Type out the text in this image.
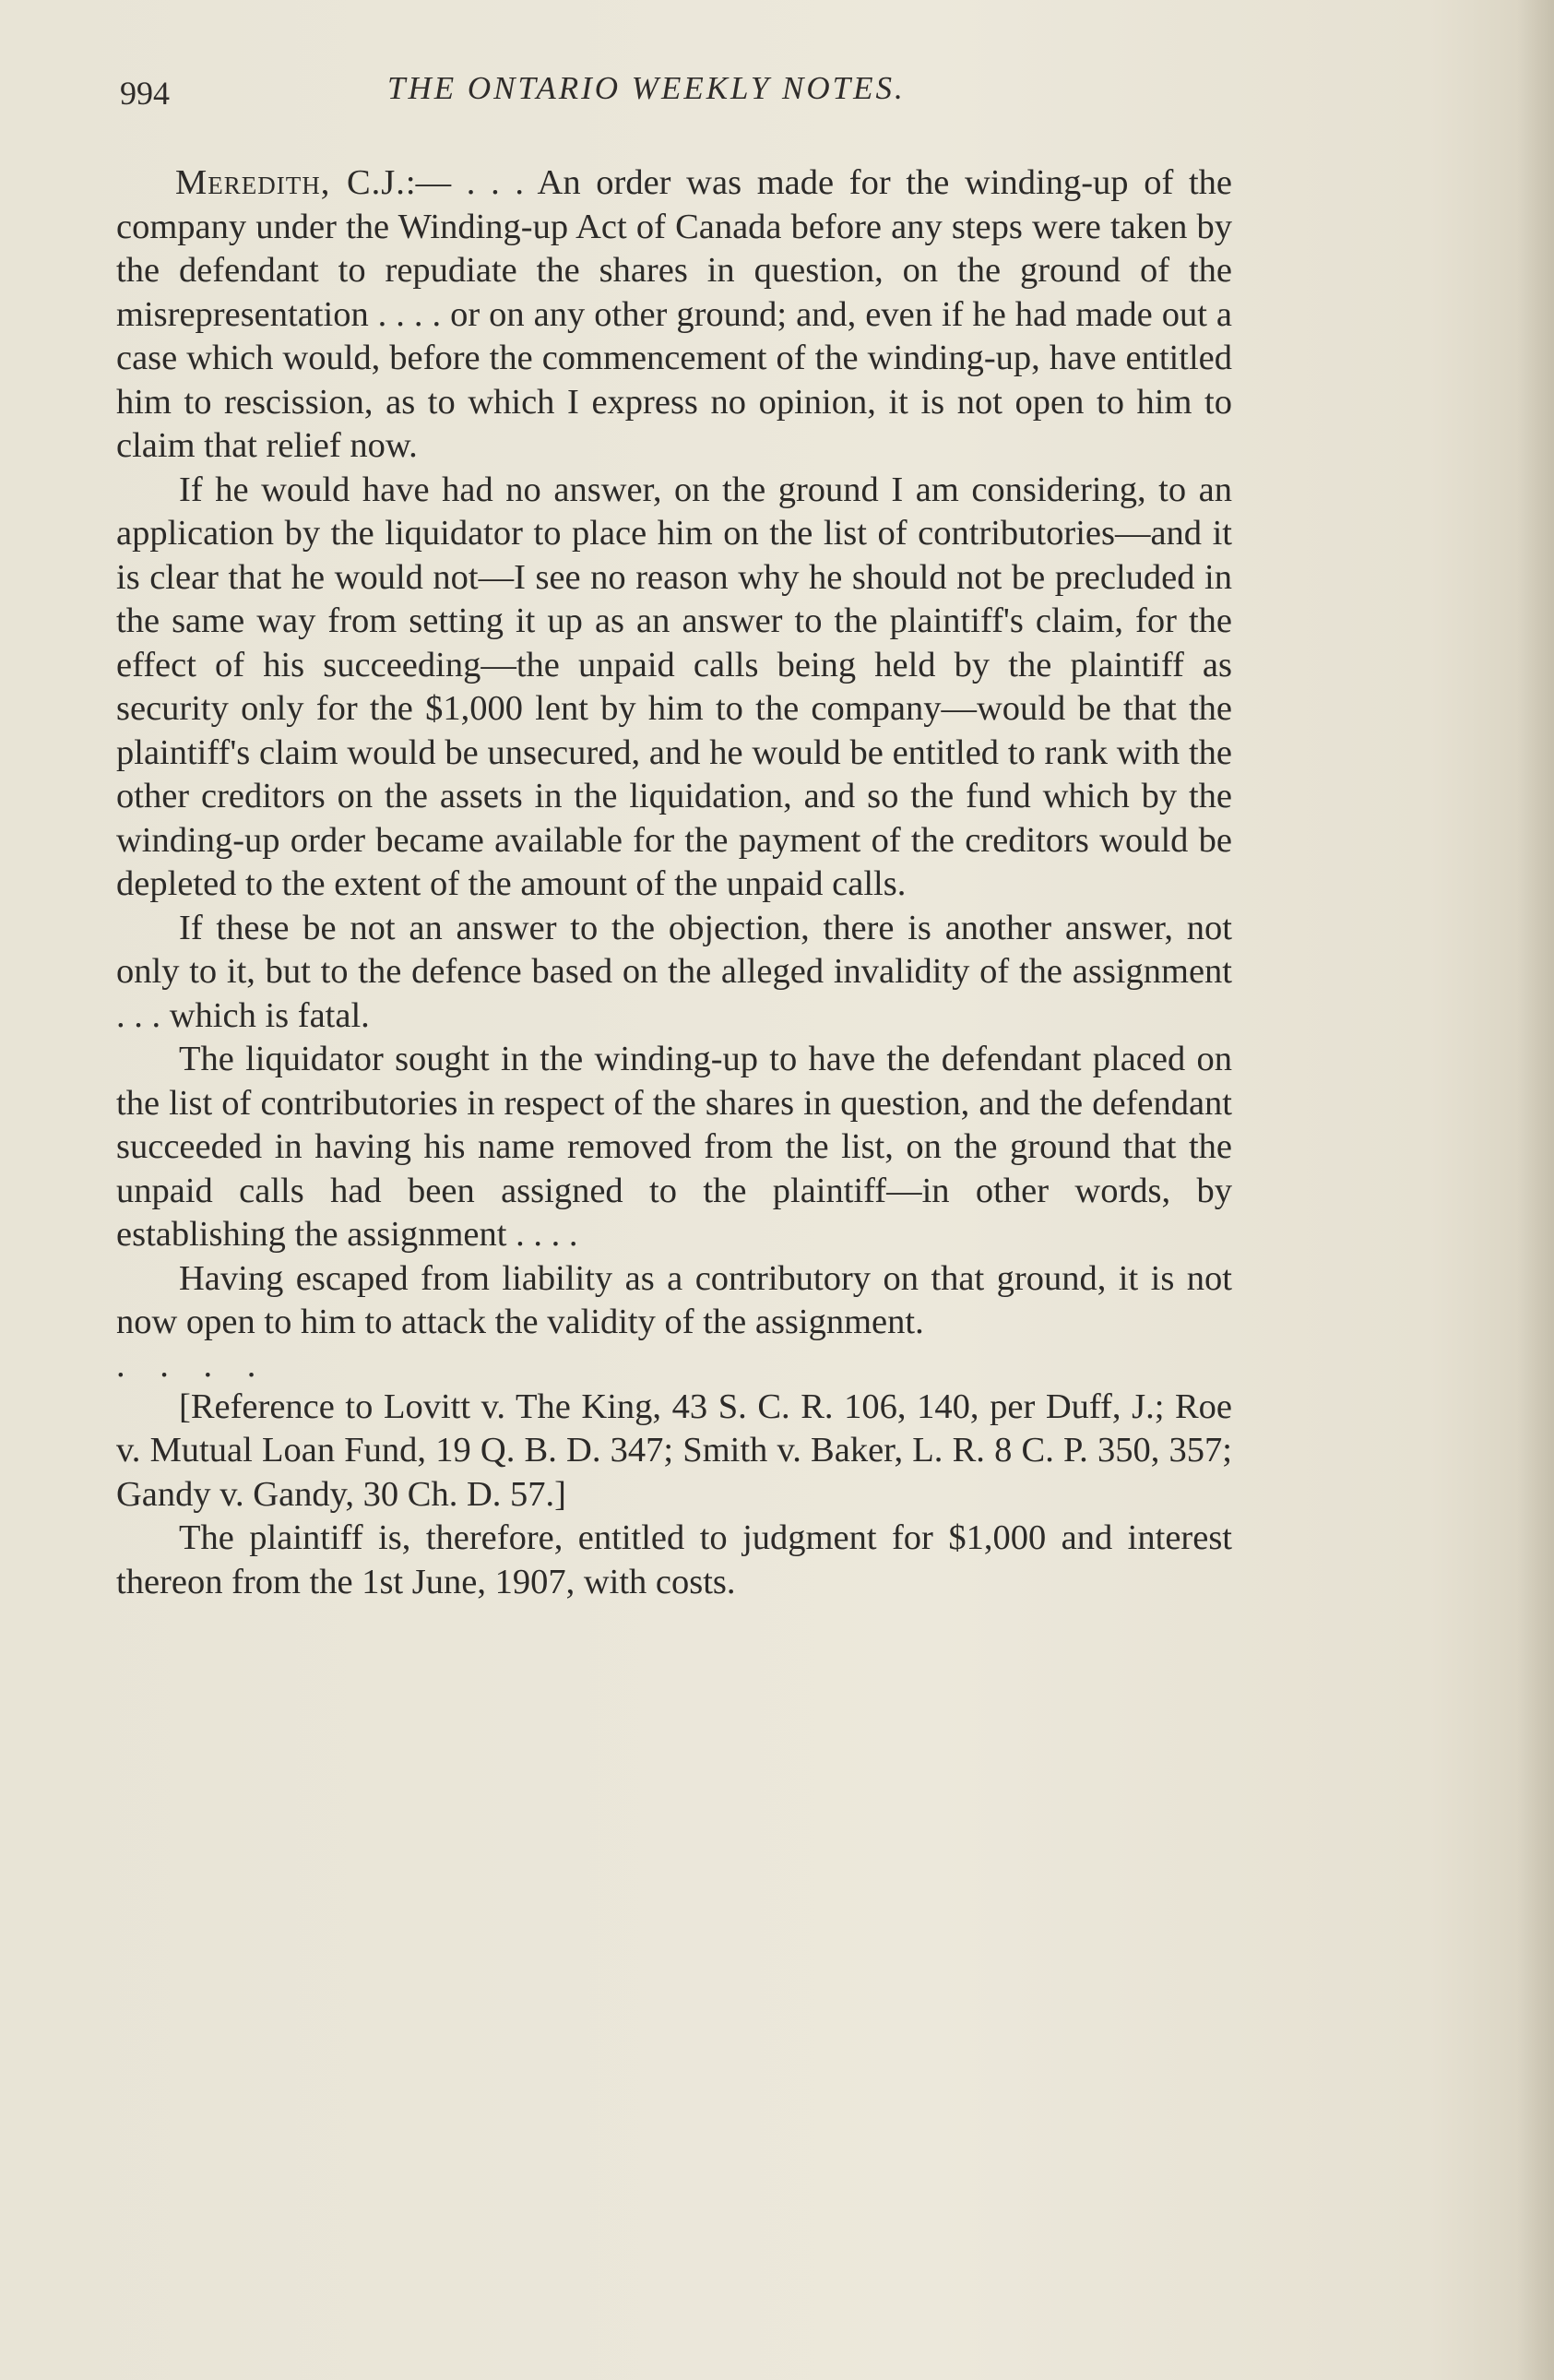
994	THE ONTARIO WEEKLY NOTES.

Meredith, C.J.:— . . . An order was made for the winding-up of the company under the Winding-up Act of Canada before any steps were taken by the defendant to repudiate the shares in question, on the ground of the misrepresentation . . . . or on any other ground; and, even if he had made out a case which would, before the commencement of the winding-up, have entitled him to rescission, as to which I express no opinion, it is not open to him to claim that relief now.

If he would have had no answer, on the ground I am considering, to an application by the liquidator to place him on the list of contributories—and it is clear that he would not—I see no reason why he should not be precluded in the same way from setting it up as an answer to the plaintiff's claim, for the effect of his succeeding—the unpaid calls being held by the plaintiff as security only for the $1,000 lent by him to the company—would be that the plaintiff's claim would be unsecured, and he would be entitled to rank with the other creditors on the assets in the liquidation, and so the fund which by the winding-up order became available for the payment of the creditors would be depleted to the extent of the amount of the unpaid calls.

If these be not an answer to the objection, there is another answer, not only to it, but to the defence based on the alleged invalidity of the assignment . . . which is fatal.

The liquidator sought in the winding-up to have the defendant placed on the list of contributories in respect of the shares in question, and the defendant succeeded in having his name removed from the list, on the ground that the unpaid calls had been assigned to the plaintiff—in other words, by establishing the assignment . . . .

Having escaped from liability as a contributory on that ground, it is not now open to him to attack the validity of the assignment.

. . . .

[Reference to Lovitt v. The King, 43 S. C. R. 106, 140, per Duff, J.; Roe v. Mutual Loan Fund, 19 Q. B. D. 347; Smith v. Baker, L. R. 8 C. P. 350, 357; Gandy v. Gandy, 30 Ch. D. 57.]

The plaintiff is, therefore, entitled to judgment for $1,000 and interest thereon from the 1st June, 1907, with costs.
